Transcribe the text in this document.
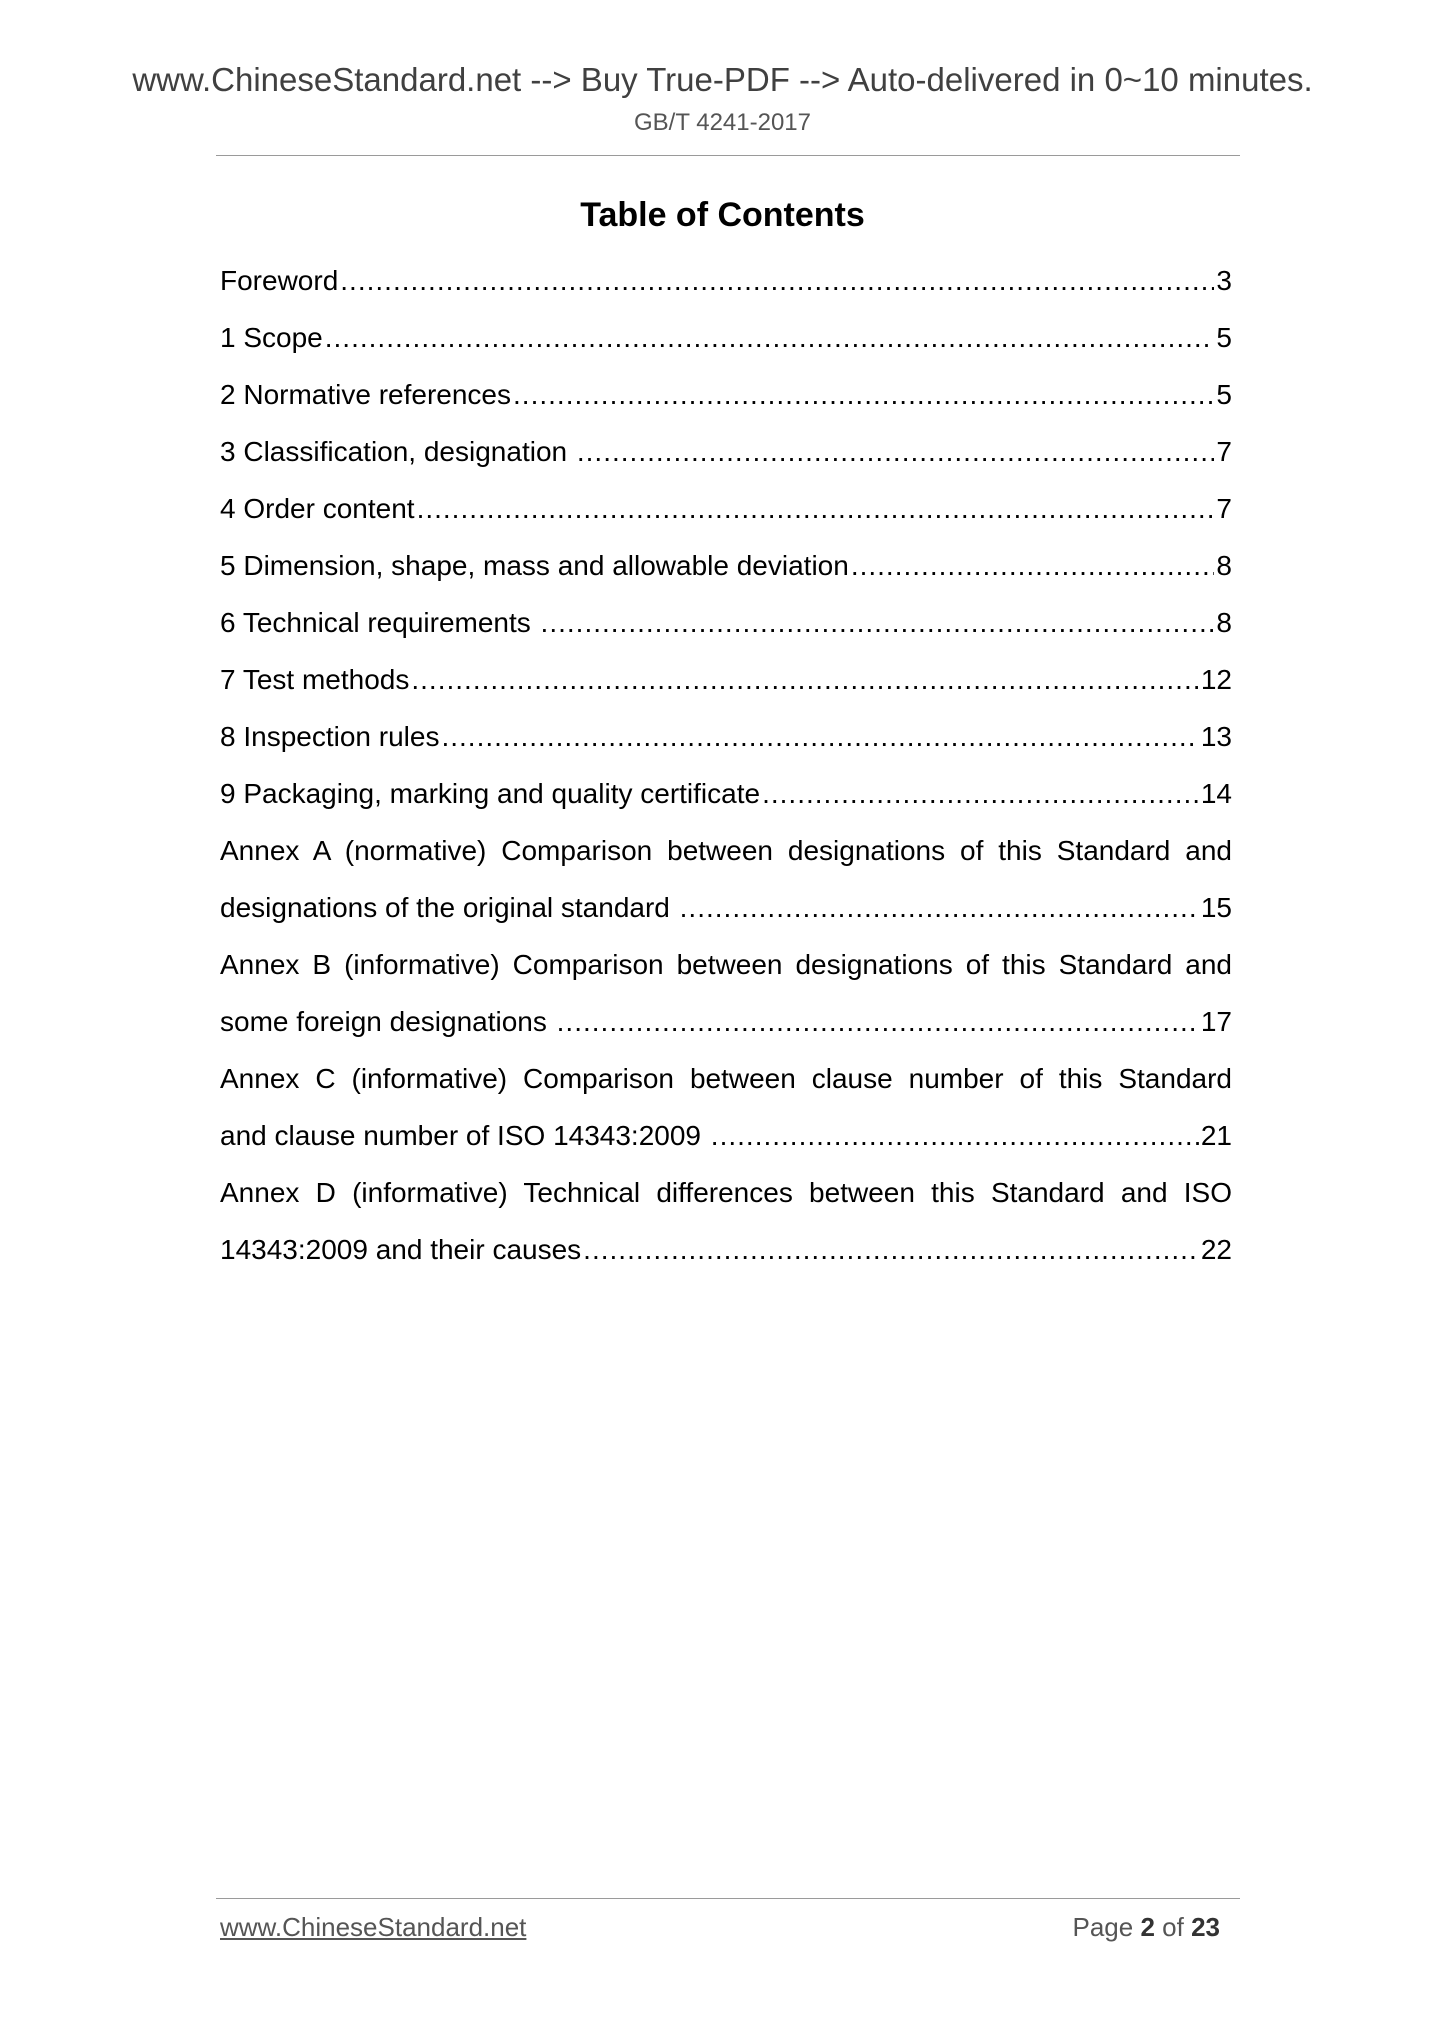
www.ChineseStandard.net --> Buy True-PDF --> Auto-delivered in 0~10 minutes.
GB/T 4241-2017
Table of Contents
Foreword .....	3
1 Scope .....	5
2 Normative references .....	5
3 Classification, designation .....	7
4 Order content .....	7
5 Dimension, shape, mass and allowable deviation .....	8
6 Technical requirements .....	8
7 Test methods .....	12
8 Inspection rules .....	13
9 Packaging, marking and quality certificate .....	14
Annex A (normative) Comparison between designations of this Standard and
designations of the original standard .....	15
Annex B (informative) Comparison between designations of this Standard and
some foreign designations .....	17
Annex C (informative) Comparison between clause number of this Standard
and clause number of ISO 14343:2009 .....	21
Annex D (informative) Technical differences between this Standard and ISO
14343:2009 and their causes .....	22
www.ChineseStandard.net	Page 2 of 23
